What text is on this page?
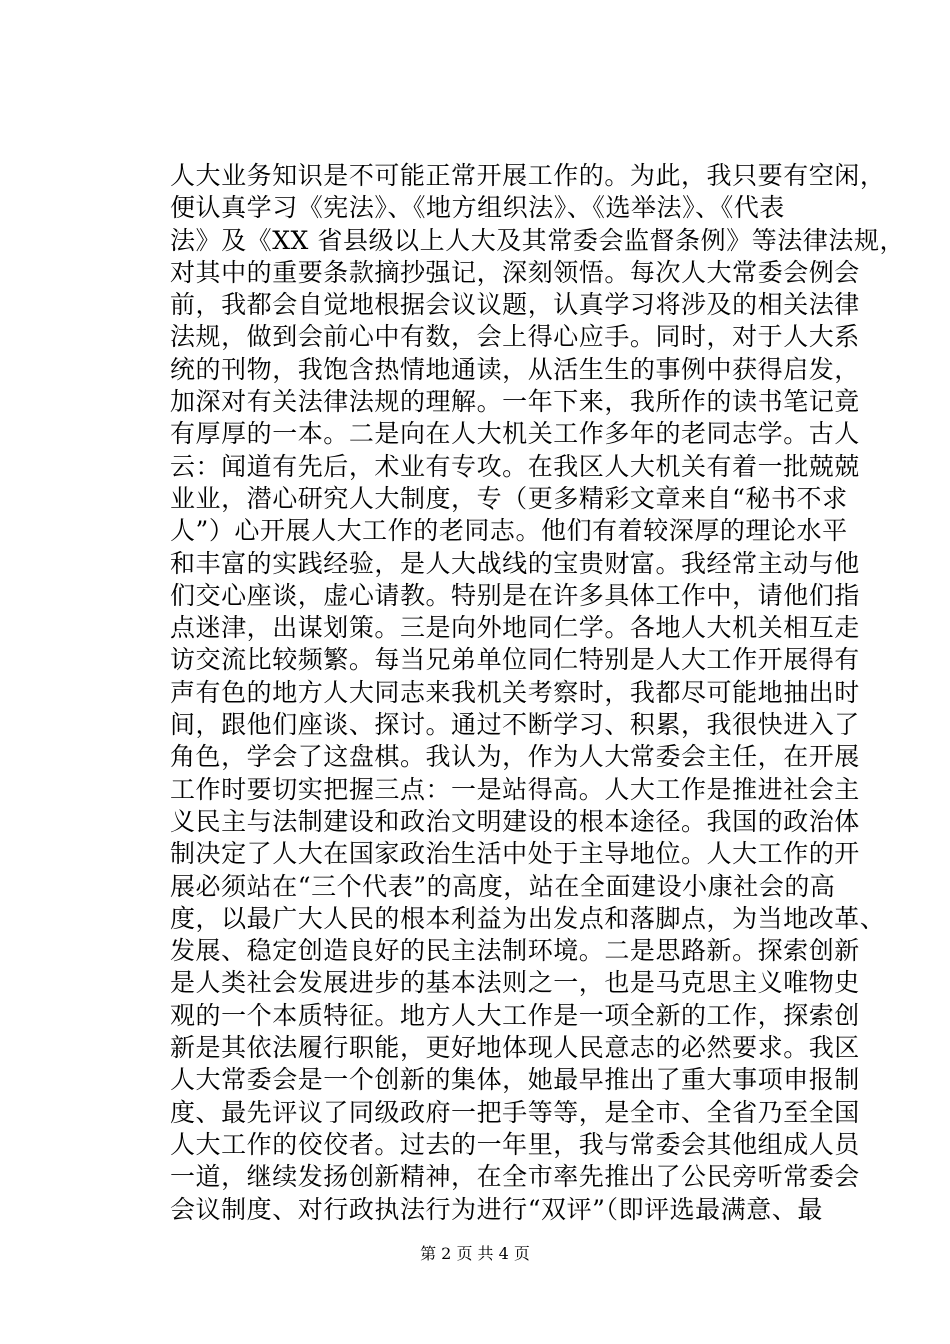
人大业务知识是不可能正常开展工作的。为此，我只要有空闲，
便认真学习《宪法》、《地方组织法》、《选举法》、《代表
法》及《XX 省县级以上人大及其常委会监督条例》等法律法规，
对其中的重要条款摘抄强记，深刻领悟。每次人大常委会例会
前，我都会自觉地根据会议议题，认真学习将涉及的相关法律
法规，做到会前心中有数，会上得心应手。同时，对于人大系
统的刊物，我饱含热情地通读，从活生生的事例中获得启发，
加深对有关法律法规的理解。一年下来，我所作的读书笔记竟
有厚厚的一本。二是向在人大机关工作多年的老同志学。古人
云：闻道有先后，术业有专攻。在我区人大机关有着一批兢兢
业业，潜心研究人大制度，专（更多精彩文章来自“秘书不求
人”）心开展人大工作的老同志。他们有着较深厚的理论水平
和丰富的实践经验，是人大战线的宝贵财富。我经常主动与他
们交心座谈，虚心请教。特别是在许多具体工作中，请他们指
点迷津，出谋划策。三是向外地同仁学。各地人大机关相互走
访交流比较频繁。每当兄弟单位同仁特别是人大工作开展得有
声有色的地方人大同志来我机关考察时，我都尽可能地抽出时
间，跟他们座谈、探讨。通过不断学习、积累，我很快进入了
角色，学会了这盘棋。我认为，作为人大常委会主任，在开展
工作时要切实把握三点：一是站得高。人大工作是推进社会主
义民主与法制建设和政治文明建设的根本途径。我国的政治体
制决定了人大在国家政治生活中处于主导地位。人大工作的开
展必须站在“三个代表”的高度，站在全面建设小康社会的高
度，以最广大人民的根本利益为出发点和落脚点，为当地改革、
发展、稳定创造良好的民主法制环境。二是思路新。探索创新
是人类社会发展进步的基本法则之一，也是马克思主义唯物史
观的一个本质特征。地方人大工作是一项全新的工作，探索创
新是其依法履行职能，更好地体现人民意志的必然要求。我区
人大常委会是一个创新的集体，她最早推出了重大事项申报制
度、最先评议了同级政府一把手等等，是全市、全省乃至全国
人大工作的佼佼者。过去的一年里，我与常委会其他组成人员
一道，继续发扬创新精神，在全市率先推出了公民旁听常委会
会议制度、对行政执法行为进行“双评”（即评选最满意、最
第 2 页 共 4 页
